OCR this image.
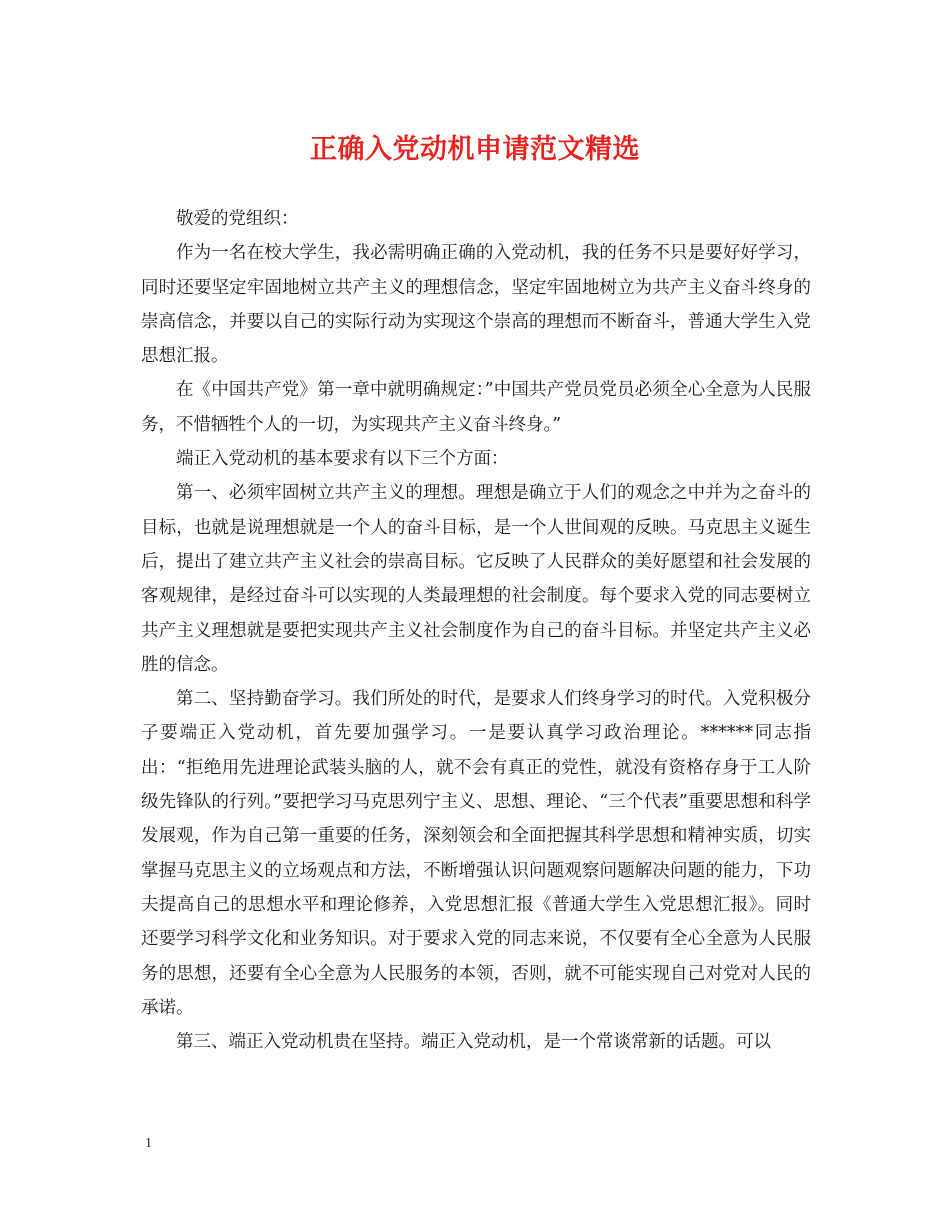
正确入党动机申请范文精选

敬爱的党组织：

作为一名在校大学生，我必需明确正确的入党动机，我的任务不只是要好好学习，同时还要坚定牢固地树立共产主义的理想信念，坚定牢固地树立为共产主义奋斗终身的崇高信念，并要以自己的实际行动为实现这个崇高的理想而不断奋斗，普通大学生入党思想汇报。

在《中国共产党》第一章中就明确规定：”中国共产党员党员必须全心全意为人民服务，不惜牺牲个人的一切，为实现共产主义奋斗终身。”

端正入党动机的基本要求有以下三个方面：

第一、必须牢固树立共产主义的理想。理想是确立于人们的观念之中并为之奋斗的目标，也就是说理想就是一个人的奋斗目标，是一个人世间观的反映。马克思主义诞生后，提出了建立共产主义社会的崇高目标。它反映了人民群众的美好愿望和社会发展的客观规律，是经过奋斗可以实现的人类最理想的社会制度。每个要求入党的同志要树立共产主义理想就是要把实现共产主义社会制度作为自己的奋斗目标。并坚定共产主义必胜的信念。

第二、坚持勤奋学习。我们所处的时代，是要求人们终身学习的时代。入党积极分子要端正入党动机，首先要加强学习。一是要认真学习政治理论。******同志指出：“拒绝用先进理论武装头脑的人，就不会有真正的党性，就没有资格存身于工人阶级先锋队的行列。”要把学习马克思列宁主义、思想、理论、“三个代表”重要思想和科学发展观，作为自己第一重要的任务，深刻领会和全面把握其科学思想和精神实质，切实掌握马克思主义的立场观点和方法，不断增强认识问题观察问题解决问题的能力，下功夫提高自己的思想水平和理论修养，入党思想汇报《普通大学生入党思想汇报》。同时还要学习科学文化和业务知识。对于要求入党的同志来说，不仅要有全心全意为人民服务的思想，还要有全心全意为人民服务的本领，否则，就不可能实现自己对党对人民的承诺。

第三、端正入党动机贵在坚持。端正入党动机，是一个常谈常新的话题。可以

1
